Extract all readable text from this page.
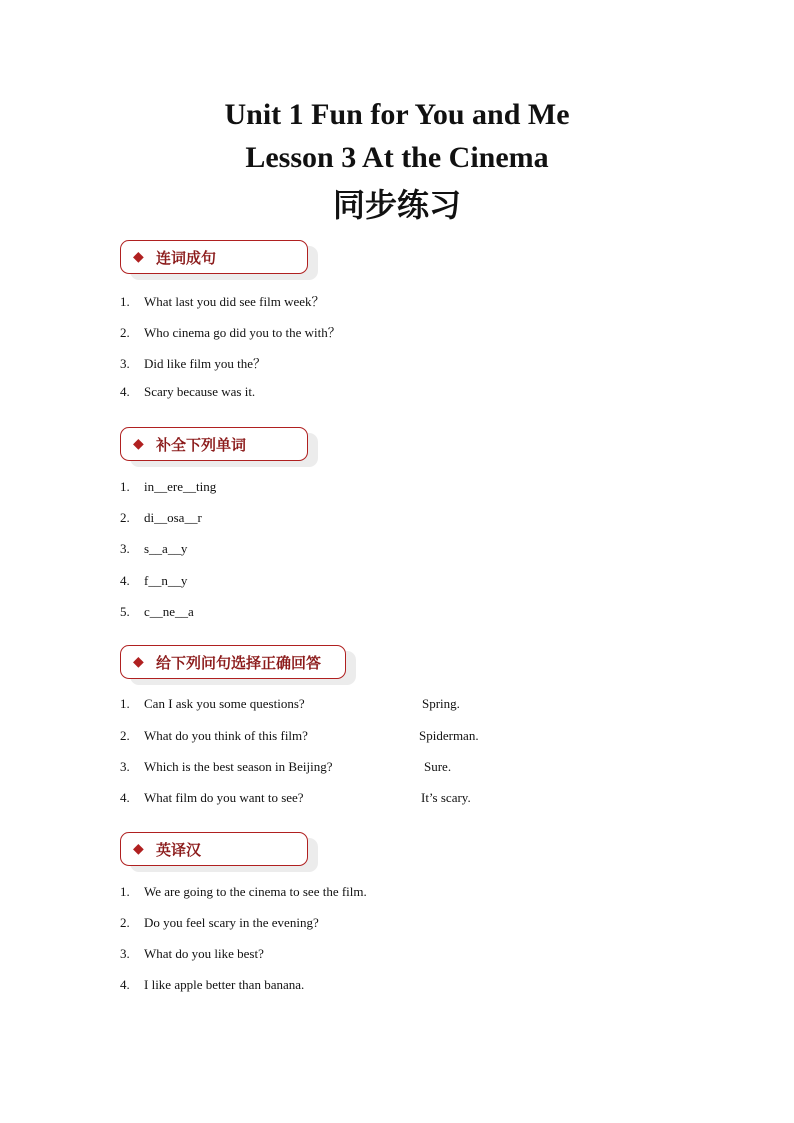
Unit 1 Fun for You and Me
Lesson 3 At the Cinema
同步练习
◆ 连词成句
1. What last you did see film week？
2. Who cinema go did you to the with？
3. Did like film you the？
4. Scary because was it.
◆ 补全下列单词
1. in__ere__ting
2. di__osa__r
3. s__a__y
4. f__n__y
5. c__ne__a
◆ 给下列问句选择正确回答
1. Can I ask you some questions?	Spring.
2. What do you think of this film?	Spiderman.
3. Which is the best season in Beijing?	Sure.
4. What film do you want to see?	It’s scary.
◆ 英译汉
1. We are going to the cinema to see the film.
2. Do you feel scary in the evening?
3. What do you like best?
4. I like apple better than banana.
